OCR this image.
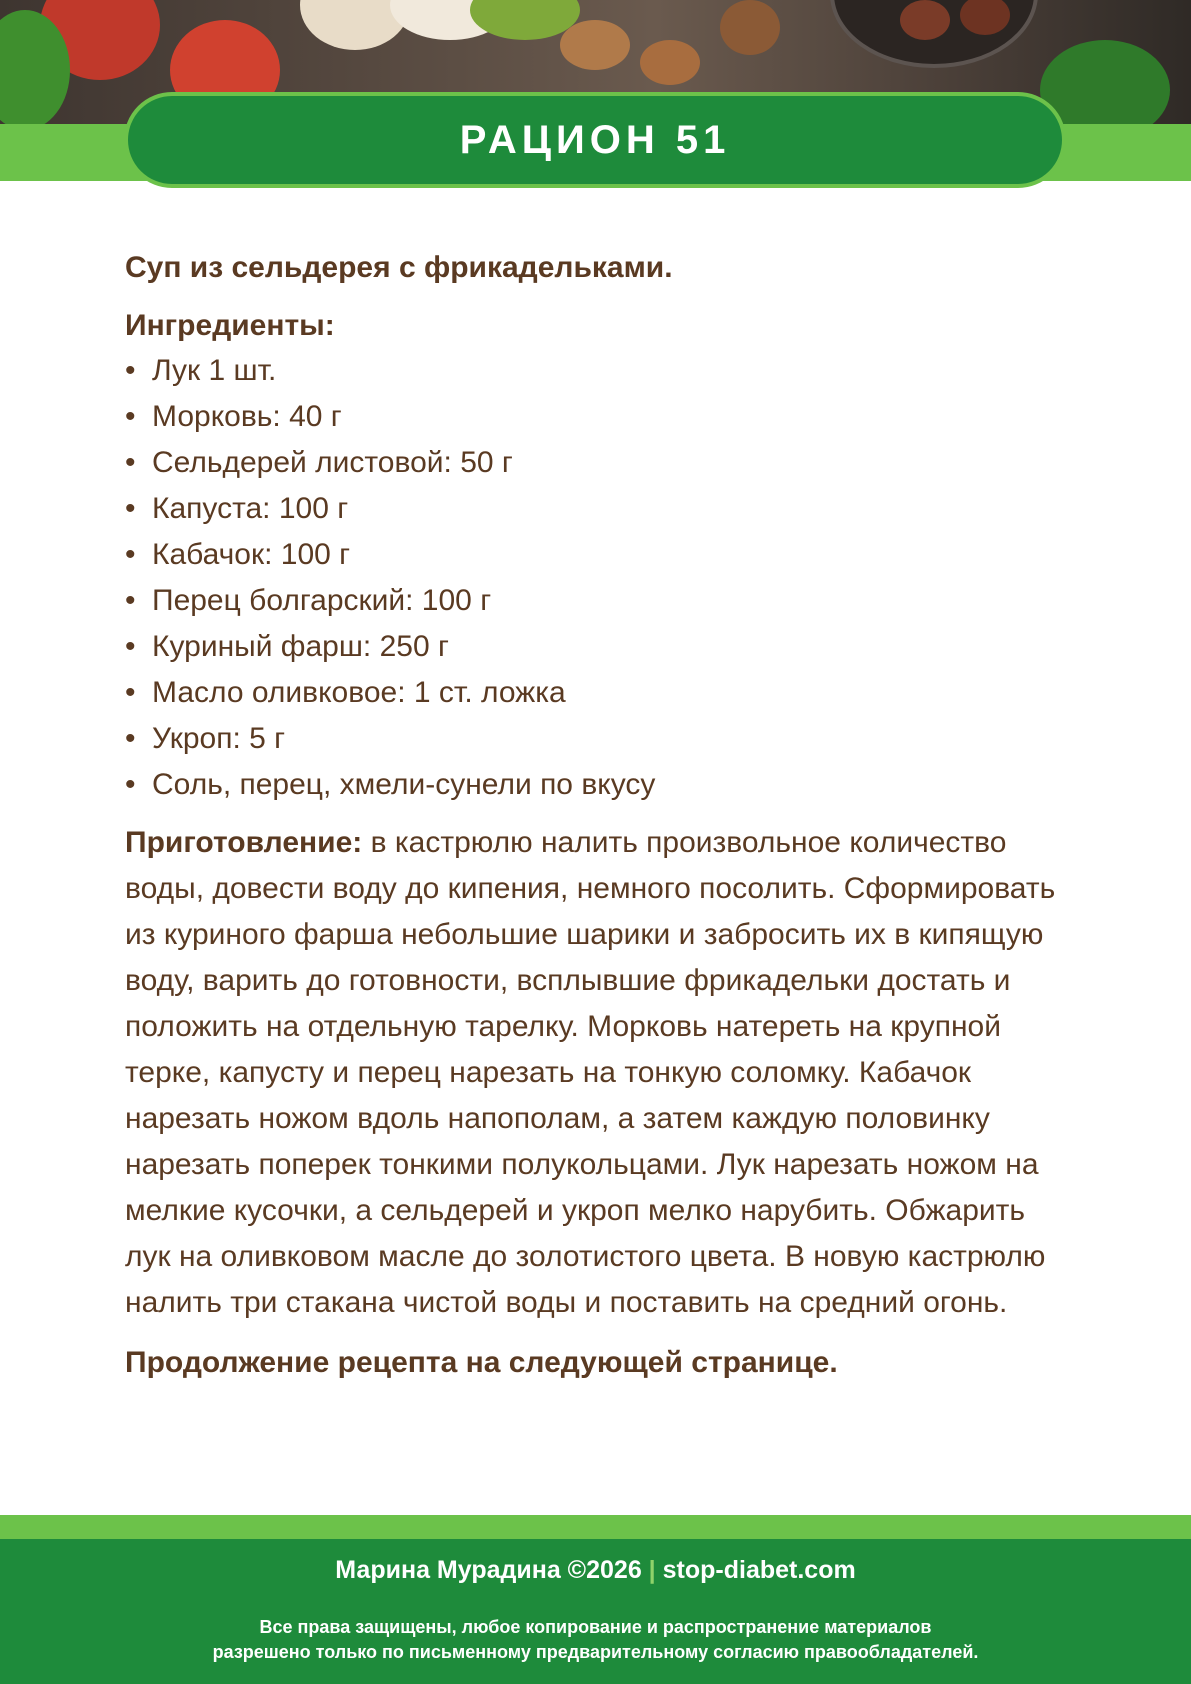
РАЦИОН 51
Суп из сельдерея с фрикадельками.
Ингредиенты:
• Лук 1 шт.
• Морковь: 40 г
• Сельдерей листовой: 50 г
• Капуста: 100 г
• Кабачок: 100 г
• Перец болгарский: 100 г
• Куриный фарш: 250 г
• Масло оливковое: 1 ст. ложка
• Укроп: 5 г
• Соль, перец, хмели-сунели по вкусу
Приготовление: в кастрюлю налить произвольное количество воды, довести воду до кипения, немного посолить. Сформировать из куриного фарша небольшие шарики и забросить их в кипящую воду, варить до готовности, всплывшие фрикадельки достать и положить на отдельную тарелку. Морковь натереть на крупной терке, капусту и перец нарезать на тонкую соломку. Кабачок нарезать ножом вдоль напополам, а затем каждую половинку нарезать поперек тонкими полукольцами. Лук нарезать ножом на мелкие кусочки, а сельдерей и укроп мелко нарубить. Обжарить лук на оливковом масле до золотистого цвета. В новую кастрюлю налить три стакана чистой воды и поставить на средний огонь.
Продолжение рецепта на следующей странице.
Марина Мурадина ©2026 | stop-diabet.com
Все права защищены, любое копирование и распространение материалов
разрешено только по письменному предварительному согласию правообладателей.
